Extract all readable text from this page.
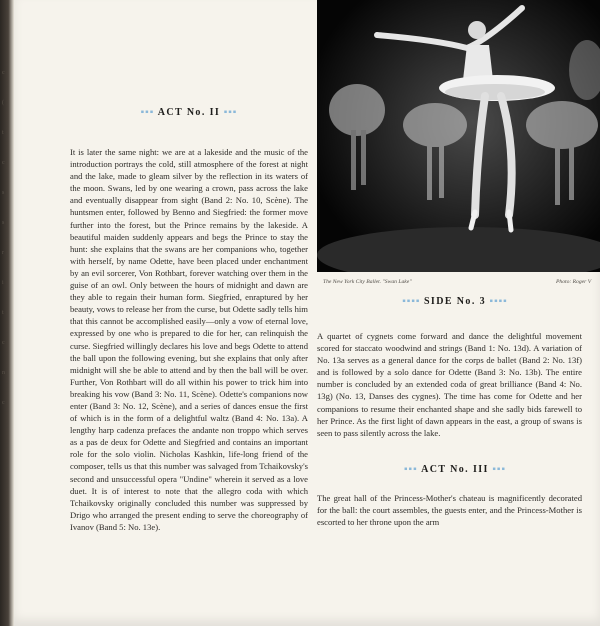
c
(
t
c
s
s
r
i
t
c
n
c
▪▪▪ ACT No. II ▪▪▪

It is later the same night: we are at a lakeside and the music of the introduction portrays the cold, still atmosphere of the forest at night and the lake, made to gleam silver by the reflection in its waters of the moon. Swans, led by one wearing a crown, pass across the lake and eventually disappear from sight (Band 2: No. 10, Scène). The huntsmen enter, followed by Benno and Siegfried: the former move further into the forest, but the Prince remains by the lakeside. A beautiful maiden suddenly appears and begs the Prince to stay the hunt: she explains that the swans are her companions who, together with herself, by name Odette, have been placed under enchantment by an evil sorcerer, Von Rothbart, forever watching over them in the guise of an owl. Only between the hours of midnight and dawn are they able to regain their human form. Siegfried, enraptured by her beauty, vows to release her from the curse, but Odette sadly tells him that this cannot be accomplished easily—only a vow of eternal love, expressed by one who is prepared to die for her, can relinquish the curse. Siegfried willingly declares his love and begs Odette to attend the ball upon the following evening, but she explains that only after midnight will she be able to attend and by then the ball will be over. Further, Von Rothbart will do all within his power to trick him into breaking his vow (Band 3: No. 11, Scène). Odette's companions now enter (Band 3: No. 12, Scène), and a series of dances ensue the first of which is in the form of a delightful waltz (Band 4: No. 13a). A lengthy harp cadenza prefaces the andante non troppo which serves as a pas de deux for Odette and Siegfried and contains an important role for the solo violin. Nicholas Kashkin, life-long friend of the composer, tells us that this number was salvaged from Tchaikovsky's second and unsuccessful opera "Undine" wherein it served as a love duet. It is of interest to note that the allegro coda with which Tchaikovsky originally concluded this number was suppressed by Drigo who arranged the present ending to serve the choreography of Ivanov (Band 5: No. 13e).

The New York City Ballet. "Swan Lake"	Photo: Roger V
▪▪▪▪ SIDE No. 3 ▪▪▪▪

A quartet of cygnets come forward and dance the delightful movement scored for staccato woodwind and strings (Band 1: No. 13d). A variation of No. 13a serves as a general dance for the corps de ballet (Band 2: No. 13f) and is followed by a solo dance for Odette (Band 3: No. 13b). The entire number is concluded by an extended coda of great brilliance (Band 4: No. 13g) (No. 13, Danses des cygnes). The time has come for Odette and her companions to resume their enchanted shape and she sadly bids farewell to her Prince. As the first light of dawn appears in the east, a group of swans is seen to pass silently across the lake.

▪▪▪ ACT No. III ▪▪▪

The great hall of the Princess-Mother's chateau is magnificently decorated for the ball: the court assembles, the guests enter, and the Princess-Mother is escorted to her throne upon the arm
